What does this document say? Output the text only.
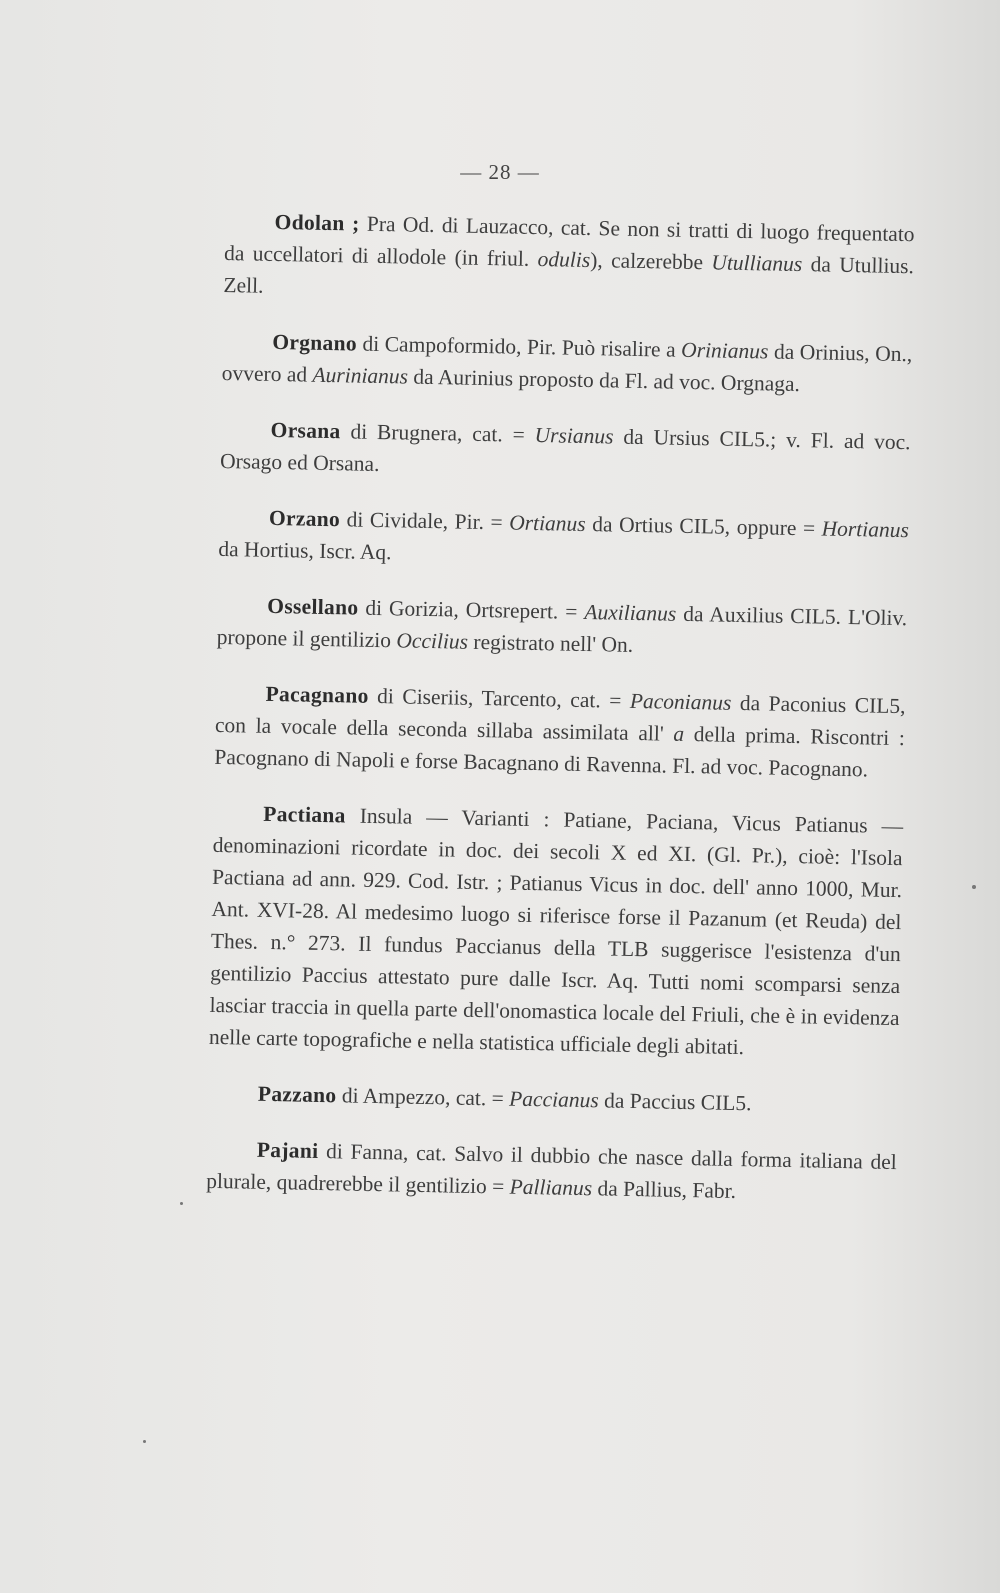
— 28 —

Odolan ; Pra Od. di Lauzacco, cat. Se non si tratti di luogo frequentato da uccellatori di allodole (in friul. odulis), calzerebbe Utullianus da Utullius. Zell.

Orgnano di Campoformido, Pir. Può risalire a Orinianus da Orinius, On., ovvero ad Aurinianus da Aurinius proposto da Fl. ad voc. Orgnaga.

Orsana di Brugnera, cat. = Ursianus da Ursius CIL5.; v. Fl. ad voc. Orsago ed Orsana.

Orzano di Cividale, Pir. = Ortianus da Ortius CIL5, oppure = Hortianus da Hortius, Iscr. Aq.

Ossellano di Gorizia, Ortsrepert. = Auxilianus da Auxilius CIL5. L'Oliv. propone il gentilizio Occilius registrato nell' On.

Pacagnano di Ciseriis, Tarcento, cat. = Paconianus da Paconius CIL5, con la vocale della seconda sillaba assimilata all' a della prima. Riscontri : Pacognano di Napoli e forse Bacagnano di Ravenna. Fl. ad voc. Pacognano.

Pactiana Insula — Varianti : Patiane, Paciana, Vicus Patianus — denominazioni ricordate in doc. dei secoli X ed XI. (Gl. Pr.), cioè: l'Isola Pactiana ad ann. 929. Cod. Istr. ; Patianus Vicus in doc. dell' anno 1000, Mur. Ant. XVI-28. Al medesimo luogo si riferisce forse il Pazanum (et Reuda) del Thes. n.° 273. Il fundus Paccianus della TLB suggerisce l'esistenza d'un gentilizio Paccius attestato pure dalle Iscr. Aq. Tutti nomi scomparsi senza lasciar traccia in quella parte dell'onomastica locale del Friuli, che è in evidenza nelle carte topografiche e nella statistica ufficiale degli abitati.

Pazzano di Ampezzo, cat. = Paccianus da Paccius CIL5.

Pajani di Fanna, cat. Salvo il dubbio che nasce dalla forma italiana del plurale, quadrerebbe il gentilizio = Pallianus da Pallius, Fabr.
